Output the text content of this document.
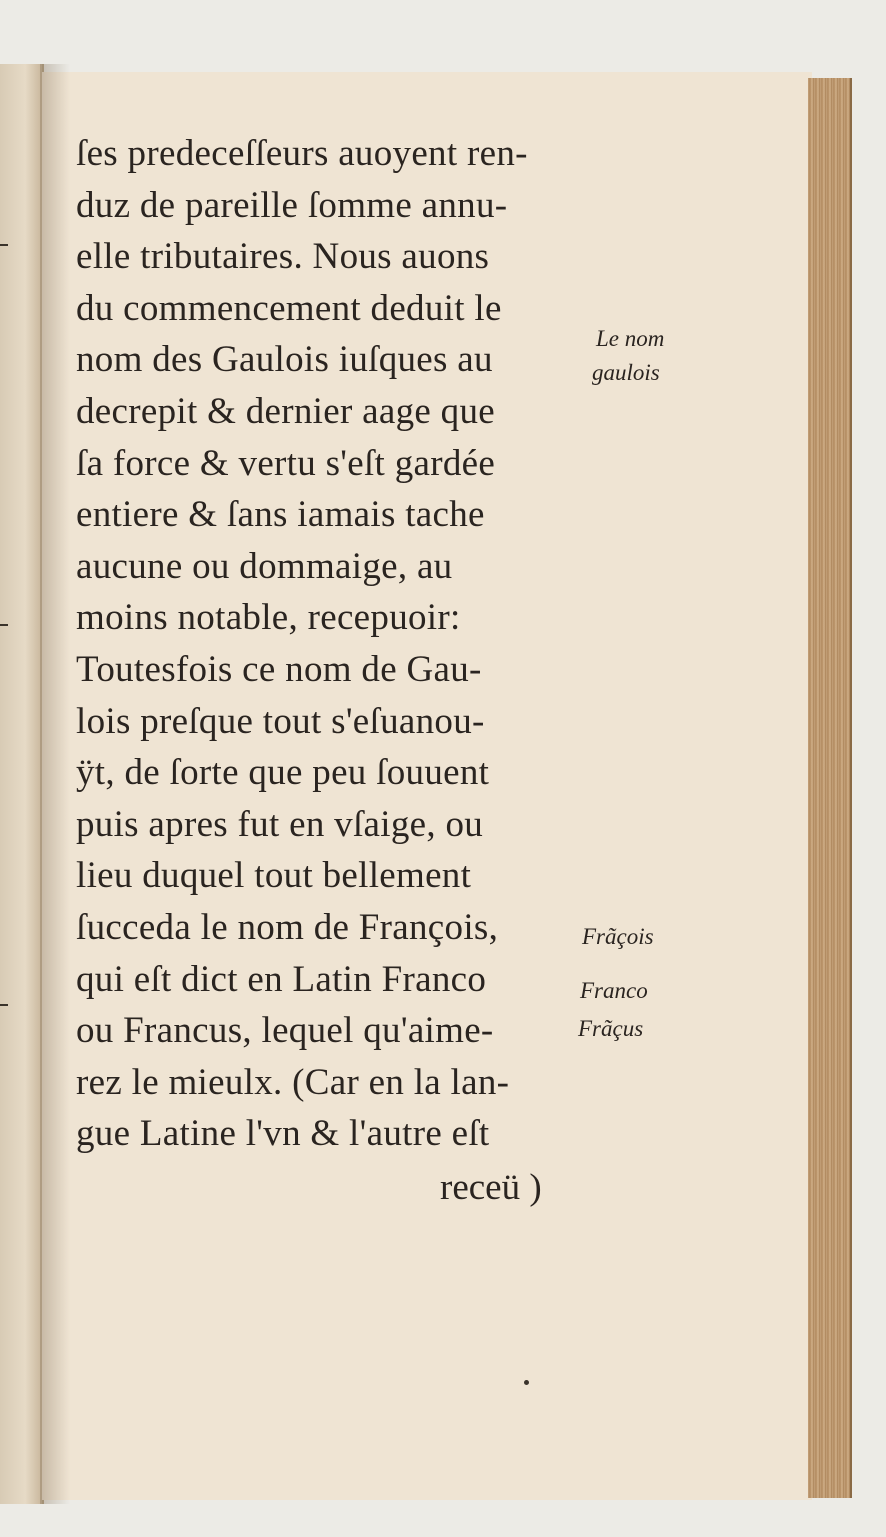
ſes predeceſſeurs auoyent ren-
duz de pareille ſomme annu-
elle tributaires. Nous auons
du commencement deduit le
nom des Gaulois iuſques au
decrepit & dernier aage que
ſa force & vertu s'eſt gardée
entiere & ſans iamais tache
aucune ou dommaige, au
moins notable, recepuoir:
Toutesfois ce nom de Gau-
lois preſque tout s'eſuanou-
ÿt, de ſorte que peu ſouuent
puis apres fut en vſaige, ou
lieu duquel tout bellement
ſucceda le nom de François,
qui eſt dict en Latin Franco
ou Francus, lequel qu'aime-
rez le mieulx. (Car en la lan-
gue Latine l'vn & l'autre eſt
receü )
Le nom
gaulois
Frãçois
Franco
Frãçus
